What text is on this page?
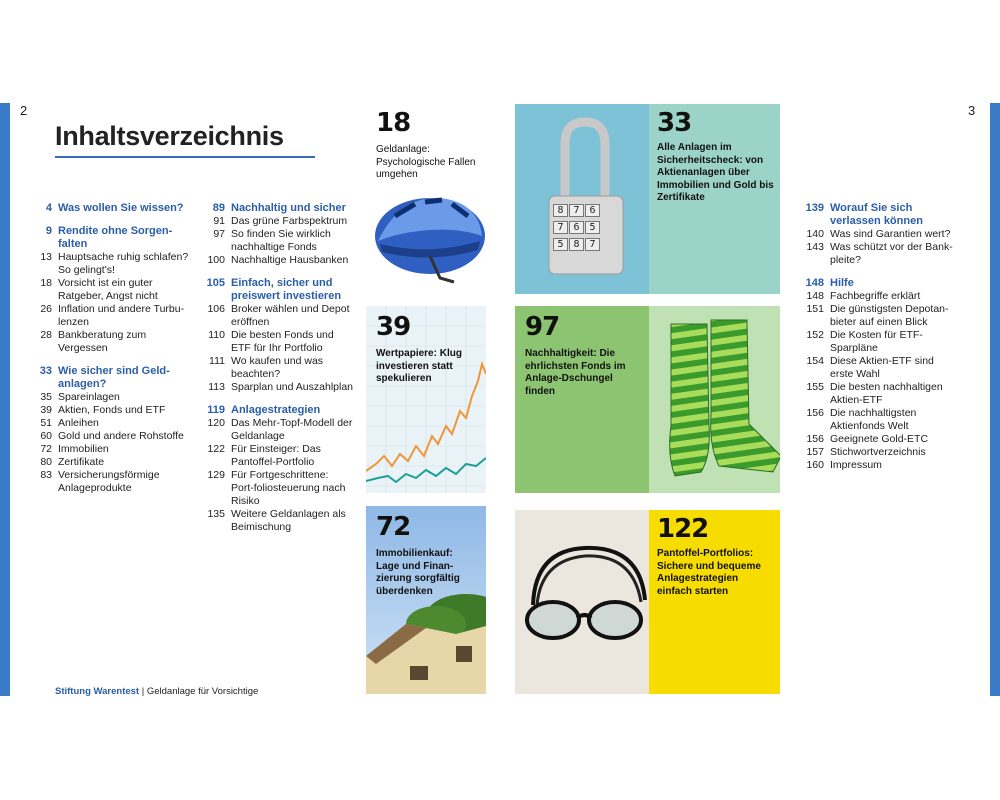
2	3
Inhaltsverzeichnis
4 Was wollen Sie wissen?
9 Rendite ohne Sorgen-falten
13 Hauptsache ruhig schlafen? So gelingt's!
18 Vorsicht ist ein guter Ratgeber, Angst nicht
26 Inflation und andere Turbu-lenzen
28 Bankberatung zum Vergessen
33 Wie sicher sind Geld-anlagen?
35 Spareinlagen
39 Aktien, Fonds und ETF
51 Anleihen
60 Gold und andere Rohstoffe
72 Immobilien
80 Zertifikate
83 Versicherungsförmige Anlageprodukte
89 Nachhaltig und sicher
91 Das grüne Farbspektrum
97 So finden Sie wirklich nachhaltige Fonds
100 Nachhaltige Hausbanken
105 Einfach, sicher und preiswert investieren
106 Broker wählen und Depot eröffnen
110 Die besten Fonds und ETF für Ihr Portfolio
111 Wo kaufen und was beachten?
113 Sparplan und Auszahlplan
119 Anlagestrategien
120 Das Mehr-Topf-Modell der Geldanlage
122 Für Einsteiger: Das Pantoffel-Portfolio
129 Für Fortgeschrittene: Port-foliosteuerung nach Risiko
135 Weitere Geldanlagen als Beimischung
139 Worauf Sie sich verlassen können
140 Was sind Garantien wert?
143 Was schützt vor der Bank-pleite?
148 Hilfe
148 Fachbegriffe erklärt
151 Die günstigsten Depotan-bieter auf einen Blick
152 Die Kosten für ETF-Sparpläne
154 Diese Aktien-ETF sind erste Wahl
155 Die besten nachhaltigen Aktien-ETF
156 Die nachhaltigsten Aktienfonds Welt
156 Geeignete Gold-ETC
157 Stichwortverzeichnis
160 Impressum
18
Geldanlage: Psychologische Fallen umgehen
8 7 6
7 6 5
5 8 7
33
Alle Anlagen im Sicherheitscheck: von Aktienanlagen über Immobilien und Gold bis Zertifikate
39
Wertpapiere: Klug investieren statt spekulieren
97
Nachhaltigkeit: Die ehrlichsten Fonds im Anlage-Dschungel finden
72
Immobilienkauf: Lage und Finan-zierung sorgfältig überdenken
122
Pantoffel-Portfolios: Sichere und bequeme Anlagestrategien einfach starten
Stiftung Warentest | Geldanlage für Vorsichtige
